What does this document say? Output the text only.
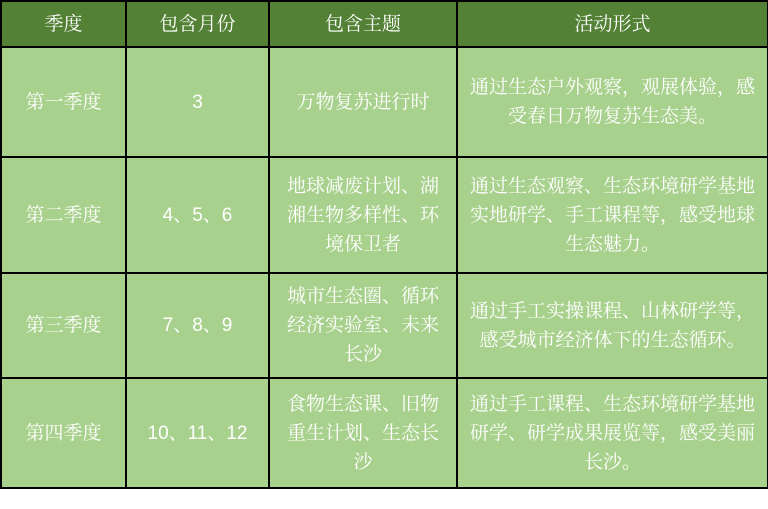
季度	包含月份	包含主题	活动形式
第一季度	3	万物复苏进行时	通过生态户外观察，观展体验，感受春日万物复苏生态美。
第二季度	4、5、6	地球减废计划、湖湘生物多样性、环境保卫者	通过生态观察、生态环境研学基地实地研学、手工课程等，感受地球生态魅力。
第三季度	7、8、9	城市生态圈、循环经济实验室、未来长沙	通过手工实操课程、山林研学等，感受城市经济体下的生态循环。
第四季度	10、11、12	食物生态课、旧物重生计划、生态长沙	通过手工课程、生态环境研学基地研学、研学成果展览等，感受美丽长沙。
